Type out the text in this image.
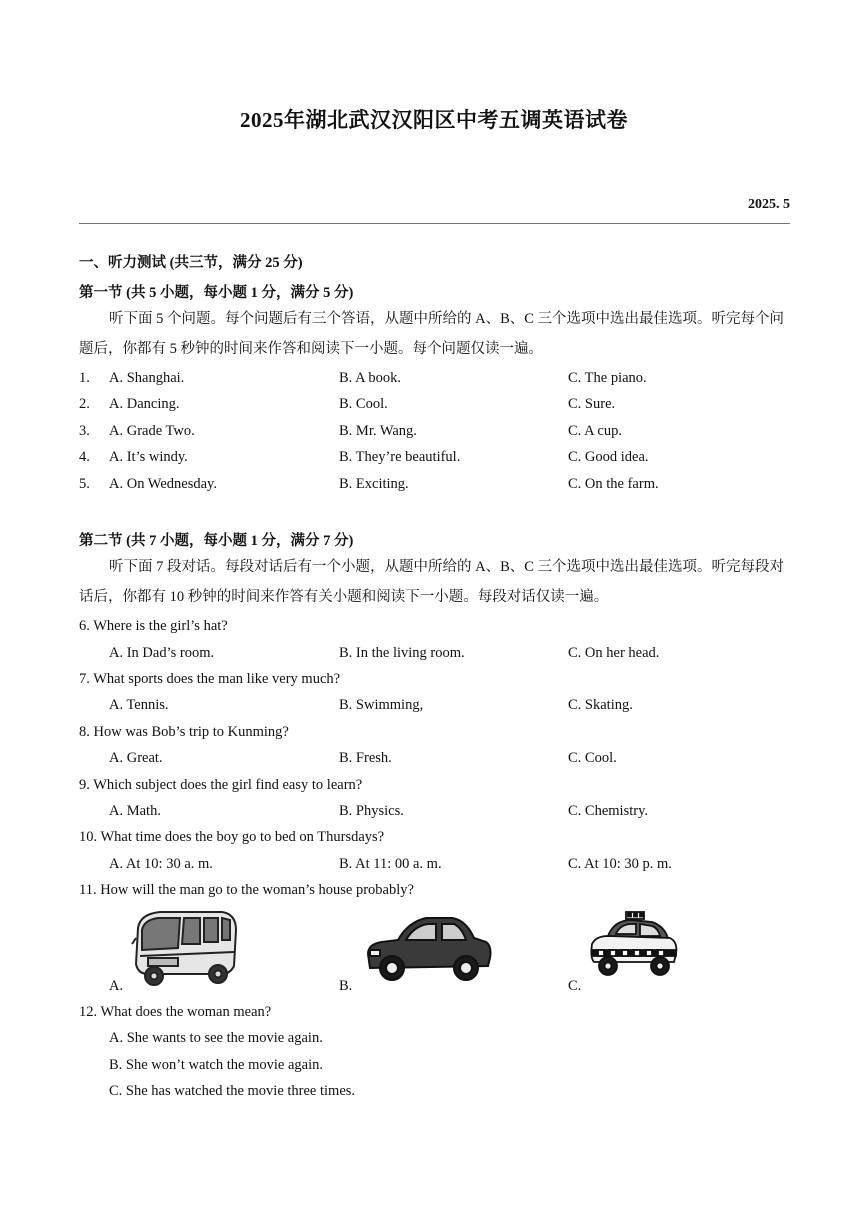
2025年湖北武汉汉阳区中考五调英语试卷
2025. 5
一、听力测试 (共三节，满分 25 分)
第一节 (共 5 小题，每小题 1 分，满分 5 分)
听下面 5 个问题。每个问题后有三个答语，从题中所给的 A、B、C 三个选项中选出最佳选项。听完每个问题后，你都有 5 秒钟的时间来作答和阅读下一小题。每个问题仅读一遍。
1. A. Shanghai.	B. A book.	C. The piano.
2. A. Dancing.	B. Cool.	C. Sure.
3. A. Grade Two.	B. Mr. Wang.	C. A cup.
4. A. It’s windy.	B. They’re beautiful.	C. Good idea.
5. A. On Wednesday.	B. Exciting.	C. On the farm.
第二节 (共 7 小题，每小题 1 分，满分 7 分)
听下面 7 段对话。每段对话后有一个小题，从题中所给的 A、B、C 三个选项中选出最佳选项。听完每段对话后，你都有 10 秒钟的时间来作答有关小题和阅读下一小题。每段对话仅读一遍。
6. Where is the girl’s hat?
A. In Dad’s room.	B. In the living room.	C. On her head.
7. What sports does the man like very much?
A. Tennis.	B. Swimming,	C. Skating.
8. How was Bob’s trip to Kunming?
A. Great.	B. Fresh.	C. Cool.
9. Which subject does the girl find easy to learn?
A. Math.	B. Physics.	C. Chemistry.
10. What time does the boy go to bed on Thursdays?
A. At 10: 30 a. m.	B. At 11: 00 a. m.	C. At 10: 30 p. m.
11. How will the man go to the woman’s house probably?
A.	B.	C.
12. What does the woman mean?
A. She wants to see the movie again.
B. She won’t watch the movie again.
C. She has watched the movie three times.
